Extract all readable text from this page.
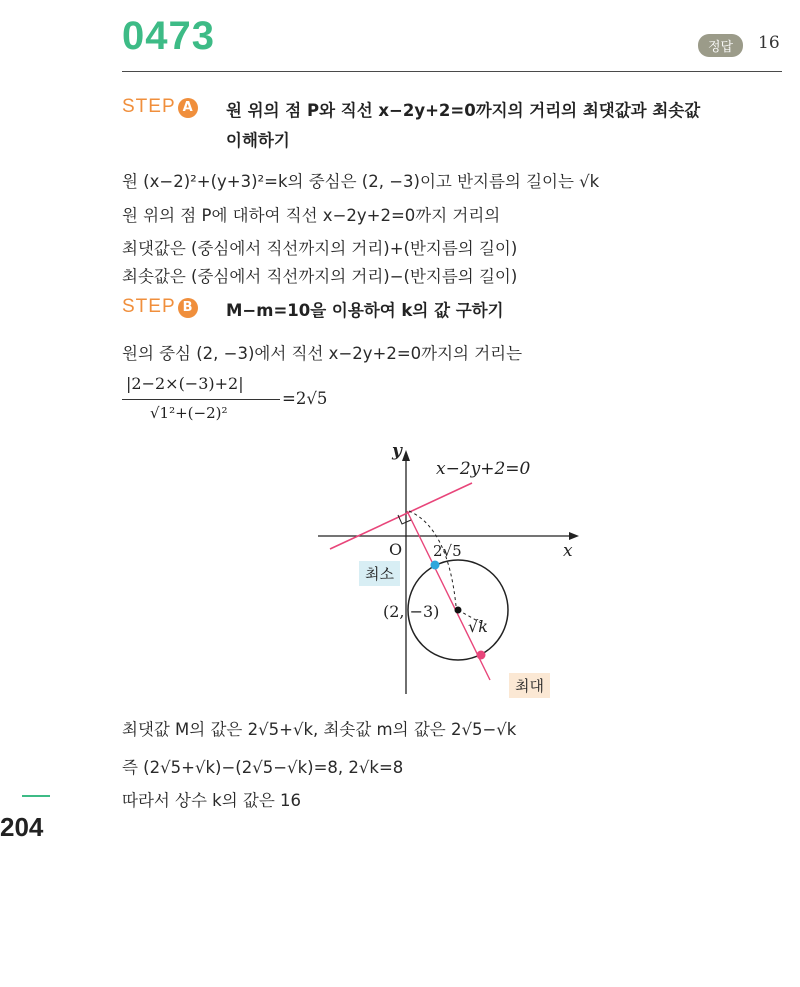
0473	정답	16
STEP A	원 위의 점 P와 직선 x−2y+2=0까지의 거리의 최댓값과 최솟값
이해하기
원 (x−2)²+(y+3)²=k의 중심은 (2, −3)이고 반지름의 길이는 √k
원 위의 점 P에 대하여 직선 x−2y+2=0까지 거리의
최댓값은 (중심에서 직선까지의 거리)+(반지름의 길이)
최솟값은 (중심에서 직선까지의 거리)−(반지름의 길이)
STEP B	M−m=10을 이용하여 k의 값 구하기
원의 중심 (2, −3)에서 직선 x−2y+2=0까지의 거리는
|2−2×(−3)+2|
√1²+(−2)²
=2√5
y
x
O
x−2y+2=0
2√5
(2, −3)
√k
최소
최대
최댓값 M의 값은 2√5+√k, 최솟값 m의 값은 2√5−√k
즉 (2√5+√k)−(2√5−√k)=8, 2√k=8
따라서 상수 k의 값은 16
204
